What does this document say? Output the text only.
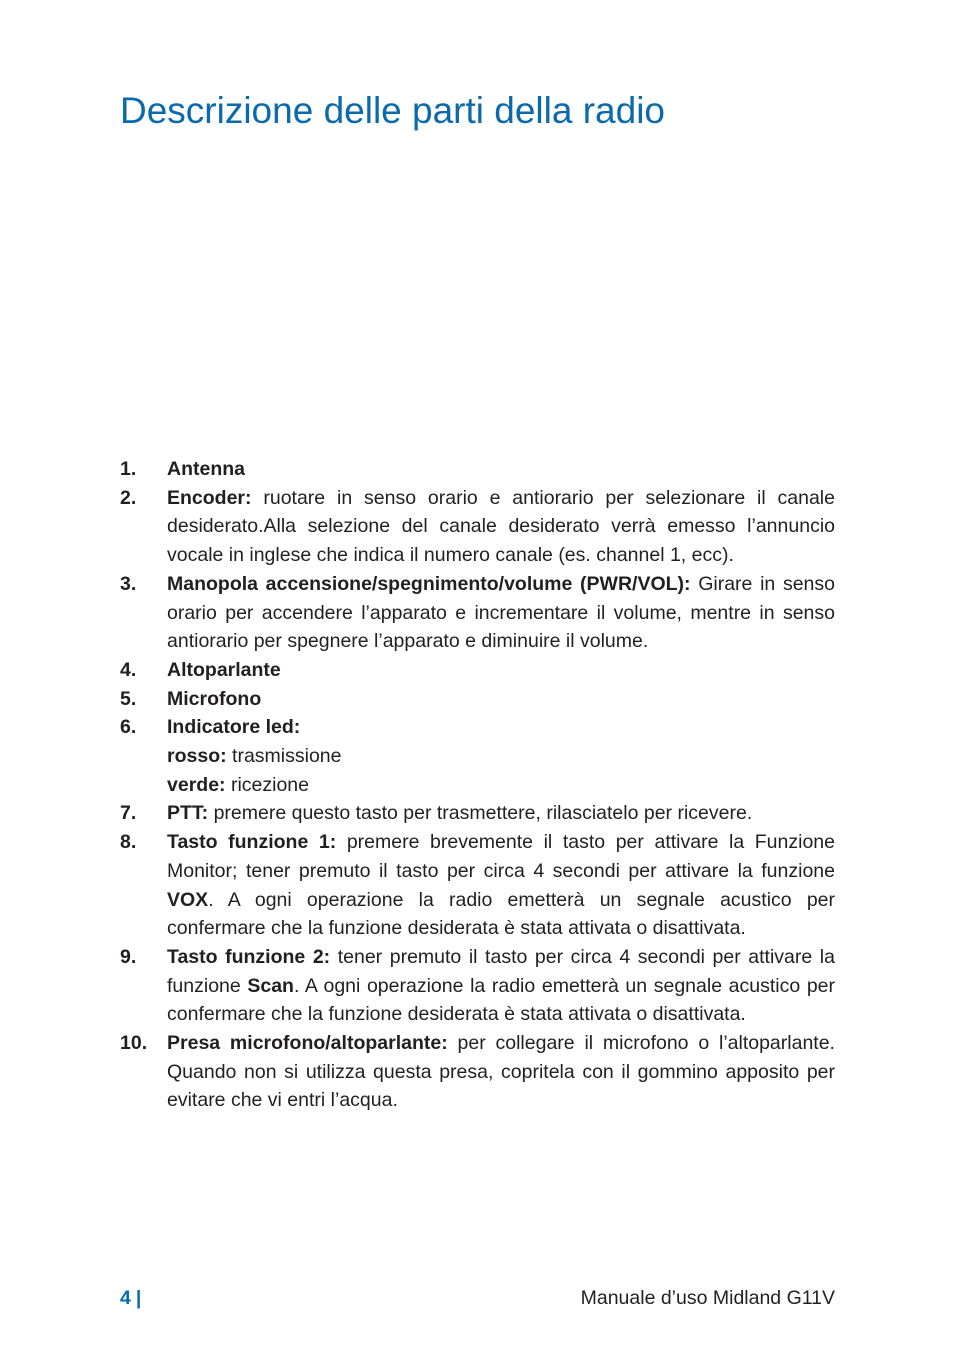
Descrizione delle parti della radio
1.	Antenna
2.	Encoder: ruotare in senso orario e antiorario per selezionare il canale desiderato.Alla selezione del canale desiderato verrà emesso l’annuncio vocale in inglese che indica il numero canale (es. channel 1, ecc).
3.	Manopola accensione/spegnimento/volume (PWR/VOL): Girare in senso orario per accendere l’apparato e incrementare il volume, mentre in senso antiorario per spegnere l’apparato e diminuire il volume.
4.	Altoparlante
5.	Microfono
6.	Indicatore led:
rosso: trasmissione
verde: ricezione
7.	PTT: premere questo tasto per trasmettere, rilasciatelo per ricevere.
8.	Tasto funzione 1: premere brevemente il tasto per attivare la Funzione Monitor; tener premuto il tasto per circa 4 secondi per attivare la funzione VOX. A ogni operazione la radio emetterà un segnale acustico per confermare che la funzione desiderata è stata attivata o disattivata.
9.	Tasto funzione 2: tener premuto il tasto per circa 4 secondi per attivare la funzione Scan. A ogni operazione la radio emetterà un segnale acustico per confermare che la funzione desiderata è stata attivata o disattivata.
10.	Presa microfono/altoparlante: per collegare il microfono o l’altoparlante. Quando non si utilizza questa presa, copritela con il gommino apposito per evitare che vi entri l’acqua.
4 |	Manuale d’uso Midland G11V
